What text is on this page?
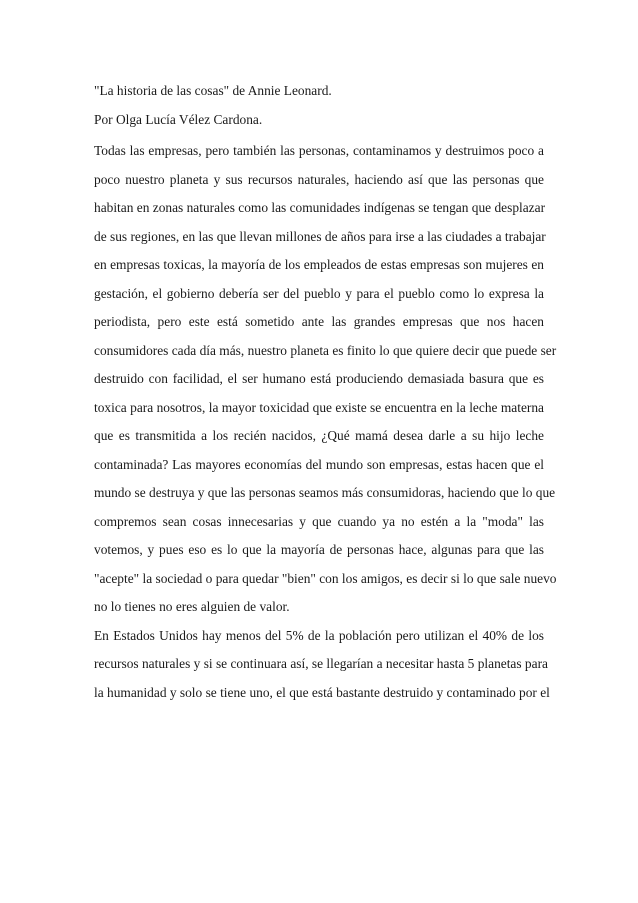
"La historia de las cosas" de Annie Leonard.

Por Olga Lucía Vélez Cardona.

Todas las empresas, pero también las personas, contaminamos y destruimos poco a
poco nuestro planeta y sus recursos naturales, haciendo así que las personas que
habitan en zonas naturales como las comunidades indígenas se tengan que desplazar
de sus regiones, en las que llevan millones de años para irse a las ciudades a trabajar
en empresas toxicas, la mayoría de los empleados de estas empresas son mujeres en
gestación, el gobierno debería ser del pueblo y para el pueblo como lo expresa la
periodista, pero este está sometido ante las grandes empresas que nos hacen
consumidores cada día más, nuestro planeta es finito lo que quiere decir que puede ser
destruido con facilidad, el ser humano está produciendo demasiada basura que es
toxica para nosotros, la mayor toxicidad que existe se encuentra en la leche materna
que es transmitida a los recién nacidos, ¿Qué mamá desea darle a su hijo leche
contaminada? Las mayores economías del mundo son empresas, estas hacen que el
mundo se destruya y que las personas seamos más consumidoras, haciendo que lo que
compremos sean cosas innecesarias y que cuando ya no estén a la "moda" las
votemos, y pues eso es lo que la mayoría de personas hace, algunas para que las
"acepte" la sociedad o para quedar "bien" con los amigos, es decir si lo que sale nuevo
no lo tienes no eres alguien de valor.
En Estados Unidos hay menos del 5% de la población pero utilizan el 40% de los
recursos naturales y si se continuara así, se llegarían a necesitar hasta 5 planetas para
la humanidad y solo se tiene uno, el que está bastante destruido y contaminado por el
